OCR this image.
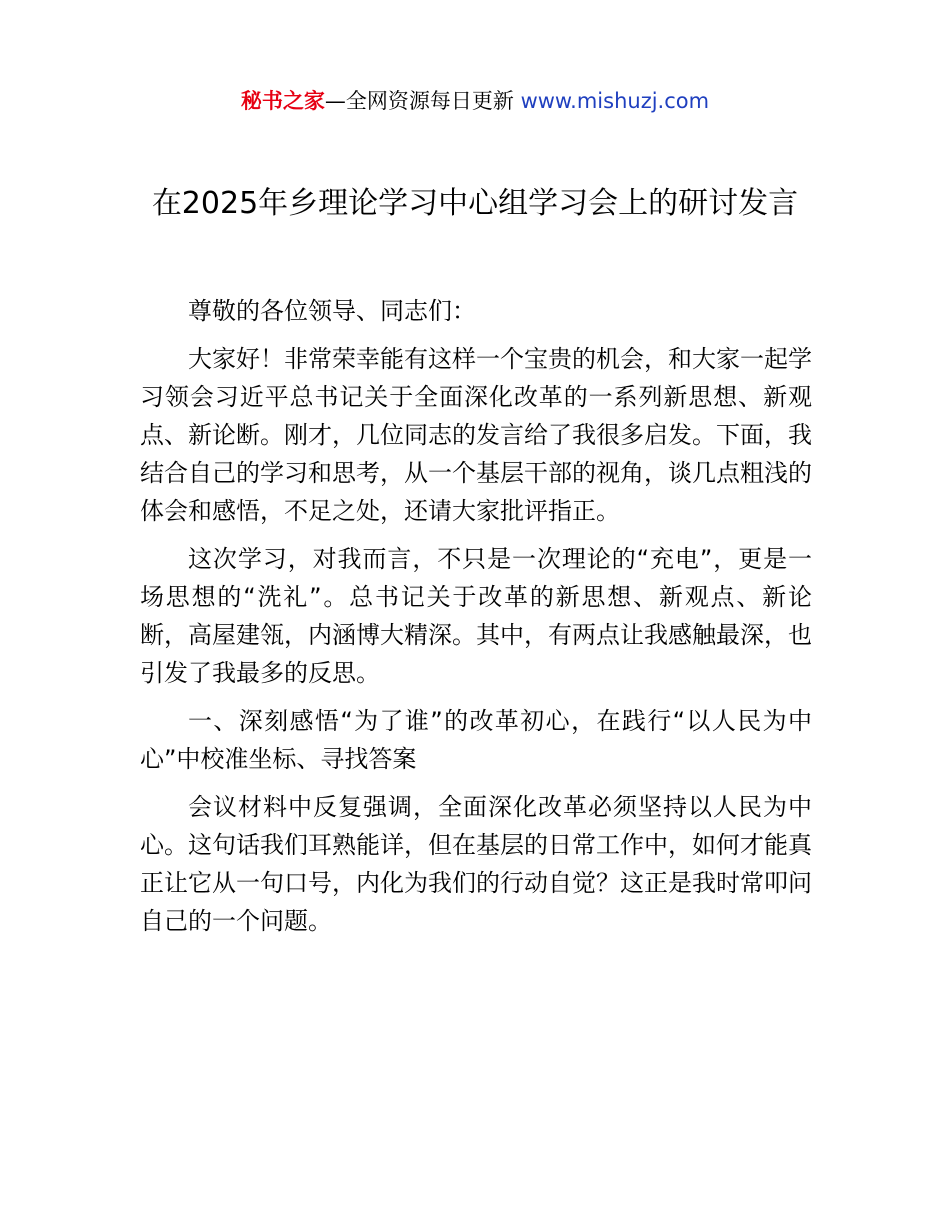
秘书之家—全网资源每日更新 www.mishuzj.com
在2025年乡理论学习中心组学习会上的研讨发言

尊敬的各位领导、同志们：

大家好！非常荣幸能有这样一个宝贵的机会，和大家一起学习领会习近平总书记关于全面深化改革的一系列新思想、新观点、新论断。刚才，几位同志的发言给了我很多启发。下面，我结合自己的学习和思考，从一个基层干部的视角，谈几点粗浅的体会和感悟，不足之处，还请大家批评指正。

这次学习，对我而言，不只是一次理论的“充电”，更是一场思想的“洗礼”。总书记关于改革的新思想、新观点、新论断，高屋建瓴，内涵博大精深。其中，有两点让我感触最深，也引发了我最多的反思。

一、深刻感悟“为了谁”的改革初心，在践行“以人民为中心”中校准坐标、寻找答案

会议材料中反复强调，全面深化改革必须坚持以人民为中心。这句话我们耳熟能详，但在基层的日常工作中，如何才能真正让它从一句口号，内化为我们的行动自觉？这正是我时常叩问自己的一个问题。
